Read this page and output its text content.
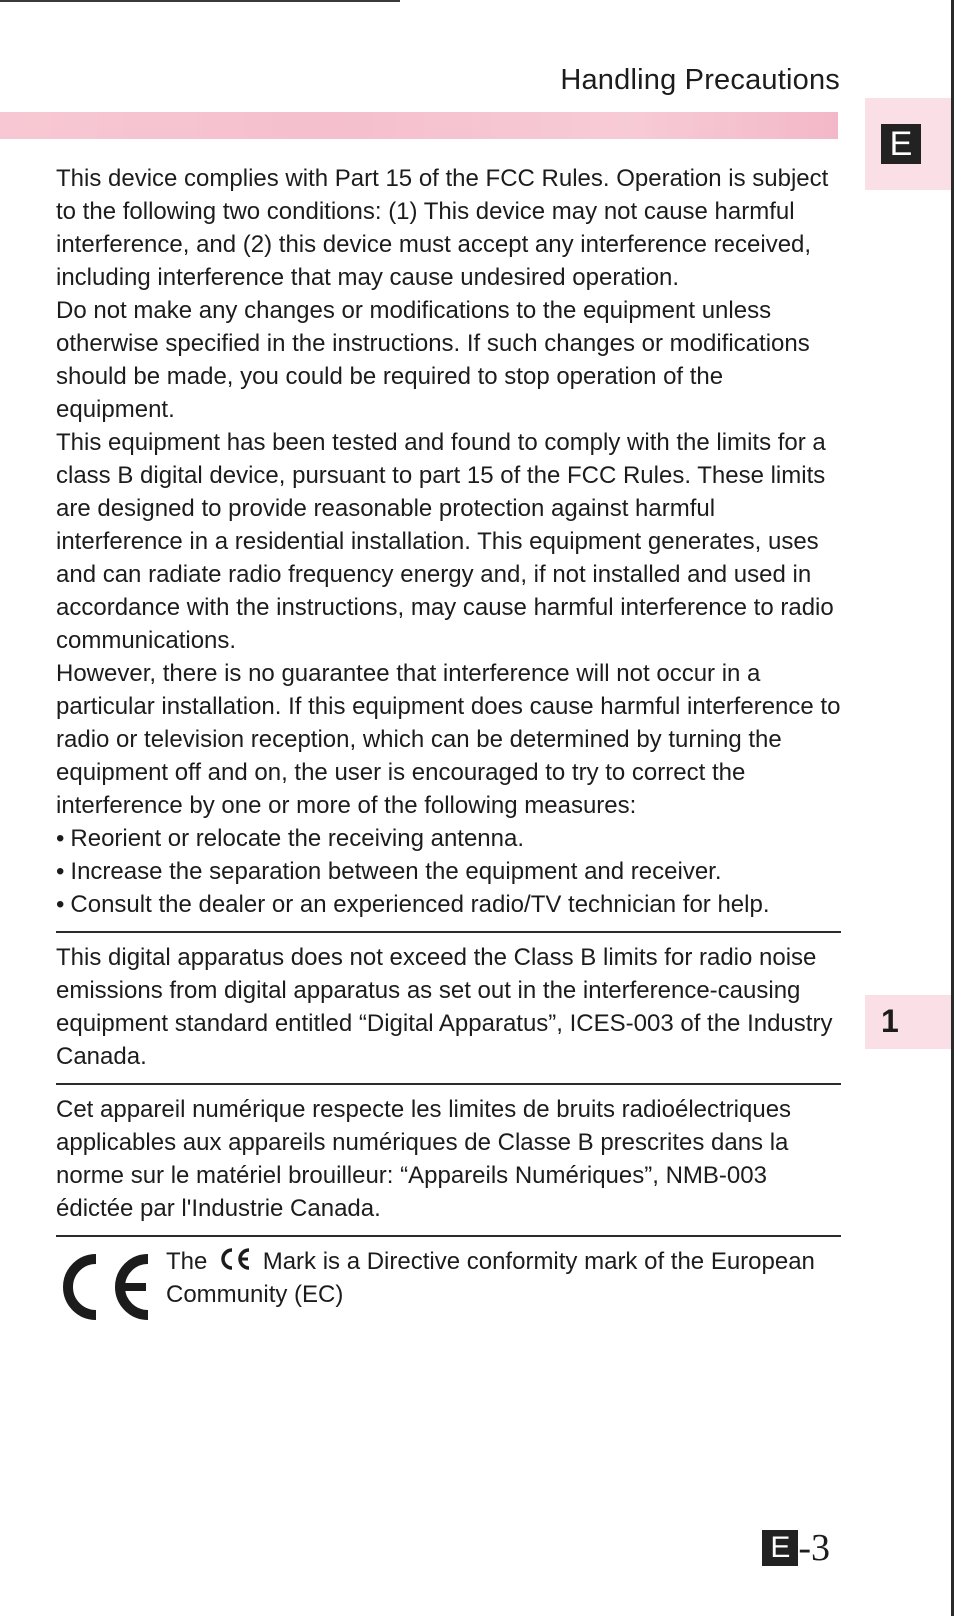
Handling Precautions
E
1

This device complies with Part 15 of the FCC Rules. Operation is subject to the following two conditions: (1) This device may not cause harmful interference, and (2) this device must accept any interference received, including interference that may cause undesired operation.

Do not make any changes or modifications to the equipment unless otherwise specified in the instructions. If such changes or modifications should be made, you could be required to stop operation of the equipment.

This equipment has been tested and found to comply with the limits for a class B digital device, pursuant to part 15 of the FCC Rules. These limits are designed to provide reasonable protection against harmful interference in a residential installation. This equipment generates, uses and can radiate radio frequency energy and, if not installed and used in accordance with the instructions, may cause harmful interference to radio communications.

However, there is no guarantee that interference will not occur in a particular installation. If this equipment does cause harmful interference to radio or television reception, which can be determined by turning the equipment off and on, the user is encouraged to try to correct the interference by one or more of the following measures:

• Reorient or relocate the receiving antenna.
• Increase the separation between the equipment and receiver.
• Consult the dealer or an experienced radio/TV technician for help.

This digital apparatus does not exceed the Class B limits for radio noise emissions from digital apparatus as set out in the interference-causing equipment standard entitled “Digital Apparatus”, ICES-003 of the Industry Canada.

Cet appareil numérique respecte les limites de bruits radioélectriques applicables aux appareils numériques de Classe B prescrites dans la norme sur le matériel brouilleur: “Appareils Numériques”, NMB-003 édictée par l'Industrie Canada.

The Mark is a Directive conformity mark of the European Community (EC)
E -3
